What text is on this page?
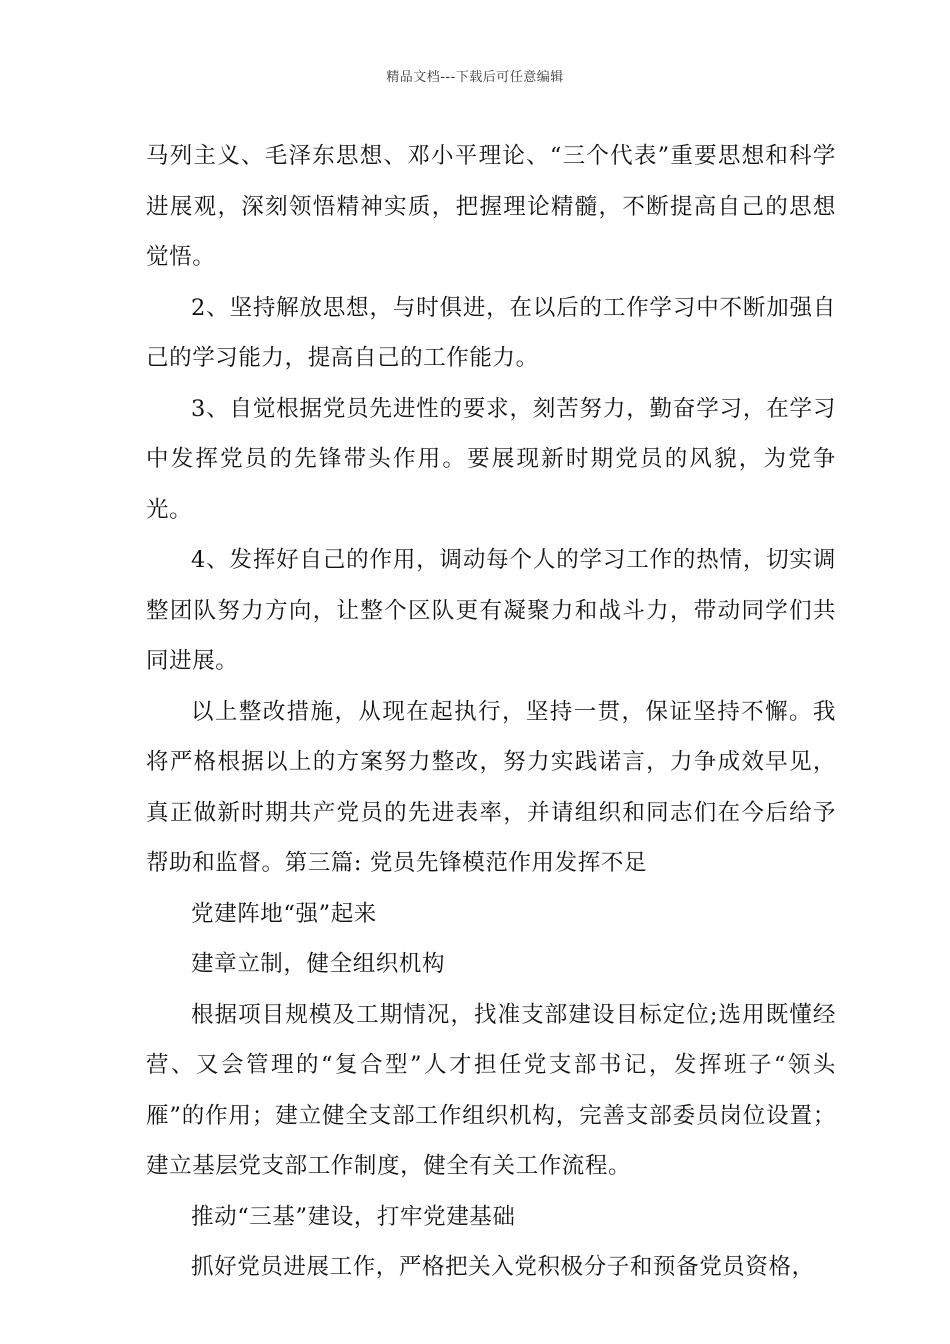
精品文档---下载后可任意编辑

马列主义、毛泽东思想、邓小平理论、“三个代表”重要思想和科学进展观，深刻领悟精神实质，把握理论精髓，不断提高自己的思想觉悟。

2、坚持解放思想，与时俱进，在以后的工作学习中不断加强自己的学习能力，提高自己的工作能力。

3、自觉根据党员先进性的要求，刻苦努力，勤奋学习，在学习中发挥党员的先锋带头作用。要展现新时期党员的风貌，为党争光。

4、发挥好自己的作用，调动每个人的学习工作的热情，切实调整团队努力方向，让整个区队更有凝聚力和战斗力，带动同学们共同进展。

以上整改措施，从现在起执行，坚持一贯，保证坚持不懈。我将严格根据以上的方案努力整改，努力实践诺言，力争成效早见，真正做新时期共产党员的先进表率，并请组织和同志们在今后给予帮助和监督。第三篇: 党员先锋模范作用发挥不足

党建阵地“强”起来

建章立制，健全组织机构

根据项目规模及工期情况，找准支部建设目标定位;选用既懂经营、又会管理的“复合型”人才担任党支部书记，发挥班子“领头雁”的作用；建立健全支部工作组织机构，完善支部委员岗位设置；建立基层党支部工作制度，健全有关工作流程。

推动“三基”建设，打牢党建基础

抓好党员进展工作，严格把关入党积极分子和预备党员资格，
